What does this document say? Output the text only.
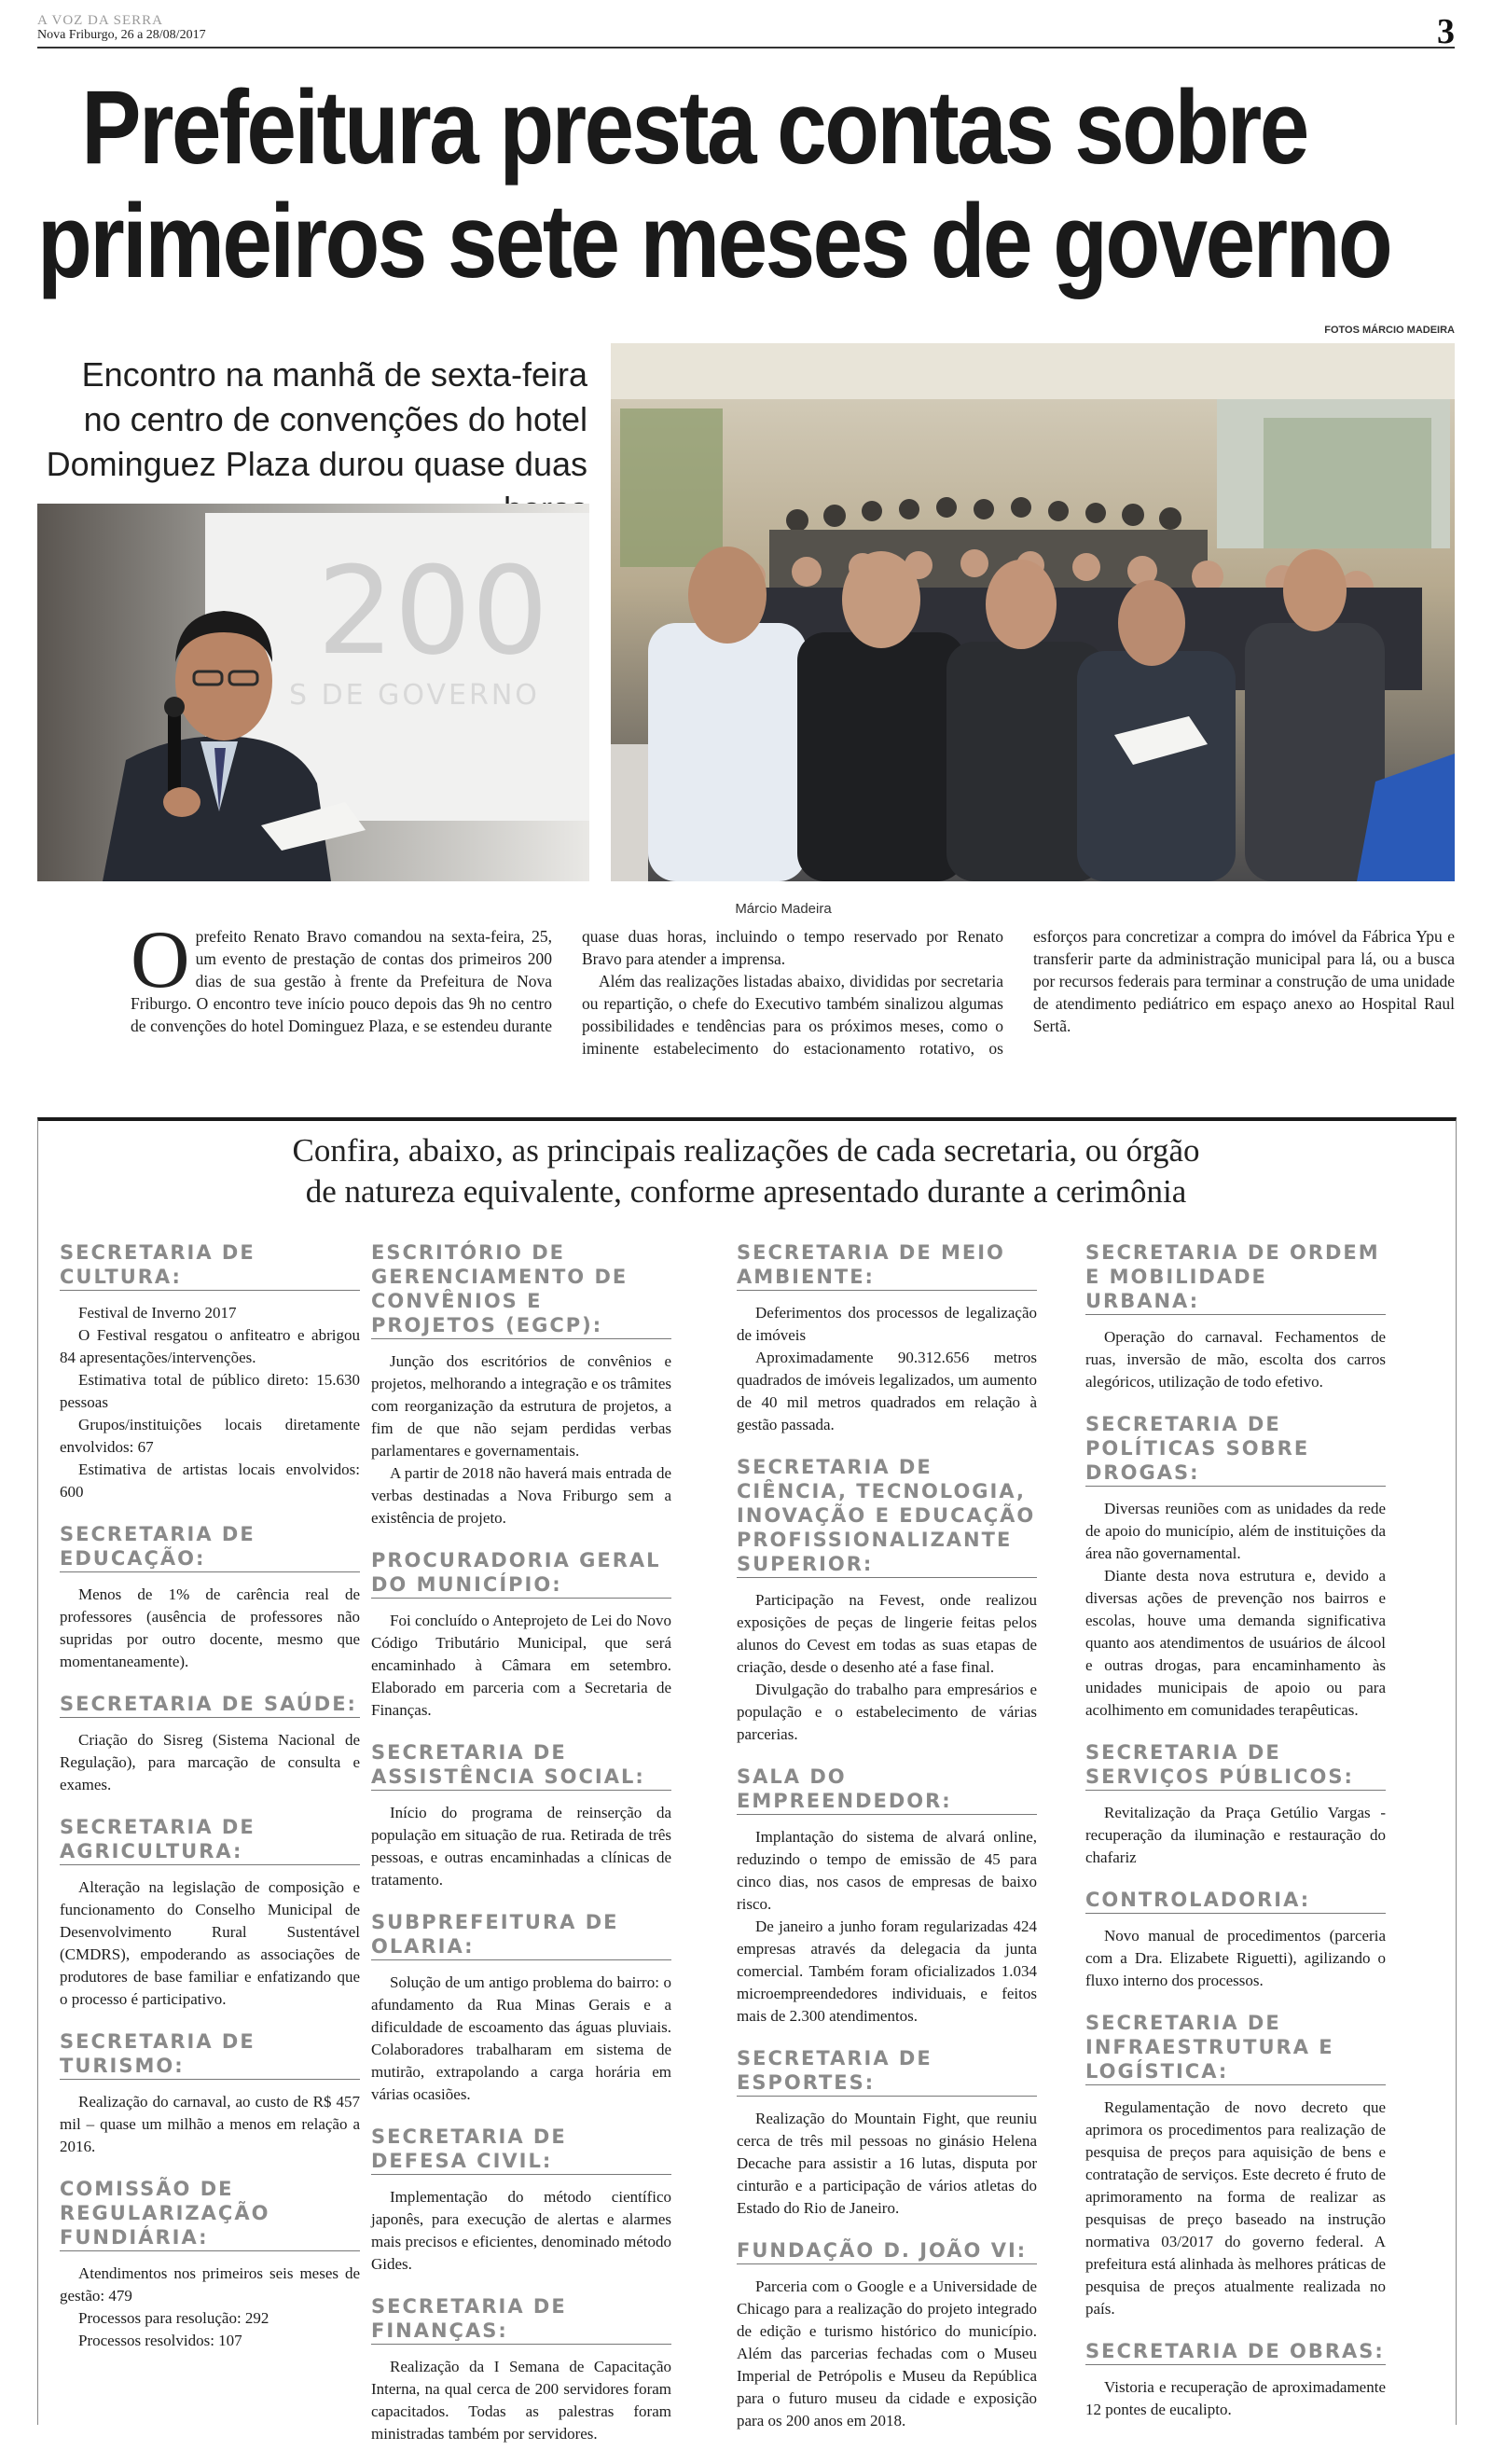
A VOZ DA SERRA
Nova Friburgo, 26 a 28/08/2017	3
Prefeitura presta contas sobre
primeiros sete meses de governo
Encontro na manhã de sexta-feira no centro de convenções do hotel Dominguez Plaza durou quase duas
FOTOS MÁRCIO MADEIRA
200
S DE GOVERNO
Márcio Madeira

Oprefeito Renato Bravo comandou na sexta-feira, 25, um evento de prestação de contas dos primeiros 200 dias de sua gestão à frente da Prefeitura de Nova Friburgo. O encontro teve início pouco depois das 9h no centro de convenções do hotel Dominguez Plaza, e se estendeu durante quase duas horas, incluindo o tempo reservado por Renato Bravo para atender a imprensa.

Além das realizações listadas abaixo, divididas por secretaria ou repartição, o chefe do Executivo também sinalizou algumas possibilidades e tendências para os próximos meses, como o iminente estabelecimento do estacionamento rotativo, os esforços para concretizar a compra do imóvel da Fábrica Ypu e transferir parte da administração municipal para lá, ou a busca por recursos federais para terminar a construção de uma unidade de atendimento pediátrico em espaço anexo ao Hospital Raul Sertã.

Confira, abaixo, as principais realizações de cada secretaria, ou órgão
de natureza equivalente, conforme apresentado durante a cerimônia
SECRETARIA DE CULTURA:

Festival de Inverno 2017

O Festival resgatou o anfiteatro e abrigou 84 apresentações/intervenções.

Estimativa total de público direto: 15.630 pessoas

Grupos/instituições locais diretamente envolvidos: 67

Estimativa de artistas locais envolvidos: 600

SECRETARIA DE EDUCAÇÃO:

Menos de 1% de carência real de professores (ausência de professores não supridas por outro docente, mesmo que momentaneamente).

SECRETARIA DE SAÚDE:

Criação do Sisreg (Sistema Nacional de Regulação), para marcação de consulta e exames.

SECRETARIA DE AGRICULTURA:

Alteração na legislação de composição e funcionamento do Conselho Municipal de Desenvolvimento Rural Sustentável (CMDRS), empoderando as associações de produtores de base familiar e enfatizando que o processo é participativo.

SECRETARIA DE TURISMO:

Realização do carnaval, ao custo de R$ 457 mil – quase um milhão a menos em relação a 2016.

COMISSÃO DE REGULARIZAÇÃO FUNDIÁRIA:

Atendimentos nos primeiros seis meses de gestão: 479

Processos para resolução: 292

Processos resolvidos: 107

ESCRITÓRIO DE GERENCIAMENTO DE CONVÊNIOS E PROJETOS (EGCP):

Junção dos escritórios de convênios e projetos, melhorando a integração e os trâmites com reorganização da estrutura de projetos, a fim de que não sejam perdidas verbas parlamentares e governamentais.

A partir de 2018 não haverá mais entrada de verbas destinadas a Nova Friburgo sem a existência de projeto.

PROCURADORIA GERAL DO MUNICÍPIO:

Foi concluído o Anteprojeto de Lei do Novo Código Tributário Municipal, que será encaminhado à Câmara em setembro. Elaborado em parceria com a Secretaria de Finanças.

SECRETARIA DE ASSISTÊNCIA SOCIAL:

Início do programa de reinserção da população em situação de rua. Retirada de três pessoas, e outras encaminhadas a clínicas de tratamento.

SUBPREFEITURA DE OLARIA:

Solução de um antigo problema do bairro: o afundamento da Rua Minas Gerais e a dificuldade de escoamento das águas pluviais. Colaboradores trabalharam em sistema de mutirão, extrapolando a carga horária em várias ocasiões.

SECRETARIA DE DEFESA CIVIL:

Implementação do método científico japonês, para execução de alertas e alarmes mais precisos e eficientes, denominado método Gides.

SECRETARIA DE FINANÇAS:

Realização da I Semana de Capacitação Interna, na qual cerca de 200 servidores foram capacitados. Todas as palestras foram ministradas também por servidores.

SECRETARIA DE MEIO AMBIENTE:

Deferimentos dos processos de legalização de imóveis

Aproximadamente 90.312.656 metros quadrados de imóveis legalizados, um aumento de 40 mil metros quadrados em relação à gestão passada.

SECRETARIA DE CIÊNCIA, TECNOLOGIA, INOVAÇÃO E EDUCAÇÃO PROFISSIONALIZANTE SUPERIOR:

Participação na Fevest, onde realizou exposições de peças de lingerie feitas pelos alunos do Cevest em todas as suas etapas de criação, desde o desenho até a fase final.

Divulgação do trabalho para empresários e população e o estabelecimento de várias parcerias.

SALA DO EMPREENDEDOR:

Implantação do sistema de alvará online, reduzindo o tempo de emissão de 45 para cinco dias, nos casos de empresas de baixo risco.

De janeiro a junho foram regularizadas 424 empresas através da delegacia da junta comercial. Também foram oficializados 1.034 microempreendedores individuais, e feitos mais de 2.300 atendimentos.

SECRETARIA DE ESPORTES:

Realização do Mountain Fight, que reuniu cerca de três mil pessoas no ginásio Helena Decache para assistir a 16 lutas, disputa por cinturão e a participação de vários atletas do Estado do Rio de Janeiro.

FUNDAÇÃO D. JOÃO VI:

Parceria com o Google e a Universidade de Chicago para a realização do projeto integrado de edição e turismo histórico do município. Além das parcerias fechadas com o Museu Imperial de Petrópolis e Museu da República para o futuro museu da cidade e exposição para os 200 anos em 2018.

SECRETARIA DE ORDEM E MOBILIDADE URBANA:

Operação do carnaval. Fechamentos de ruas, inversão de mão, escolta dos carros alegóricos, utilização de todo efetivo.

SECRETARIA DE POLÍTICAS SOBRE DROGAS:

Diversas reuniões com as unidades da rede de apoio do município, além de instituições da área não governamental.

Diante desta nova estrutura e, devido a diversas ações de prevenção nos bairros e escolas, houve uma demanda significativa quanto aos atendimentos de usuários de álcool e outras drogas, para encaminhamento às unidades municipais de apoio ou para acolhimento em comunidades terapêuticas.

SECRETARIA DE SERVIÇOS PÚBLICOS:

Revitalização da Praça Getúlio Vargas - recuperação da iluminação e restauração do chafariz

CONTROLADORIA:

Novo manual de procedimentos (parceria com a Dra. Elizabete Riguetti), agilizando o fluxo interno dos processos.

SECRETARIA DE INFRAESTRUTURA E LOGÍSTICA:

Regulamentação de novo decreto que aprimora os procedimentos para realização de pesquisa de preços para aquisição de bens e contratação de serviços. Este decreto é fruto de aprimoramento na forma de realizar as pesquisas de preço baseado na instrução normativa 03/2017 do governo federal. A prefeitura está alinhada às melhores práticas de pesquisa de preços atualmente realizada no país.

SECRETARIA DE OBRAS:

Vistoria e recuperação de aproximadamente 12 pontes de eucalipto.
